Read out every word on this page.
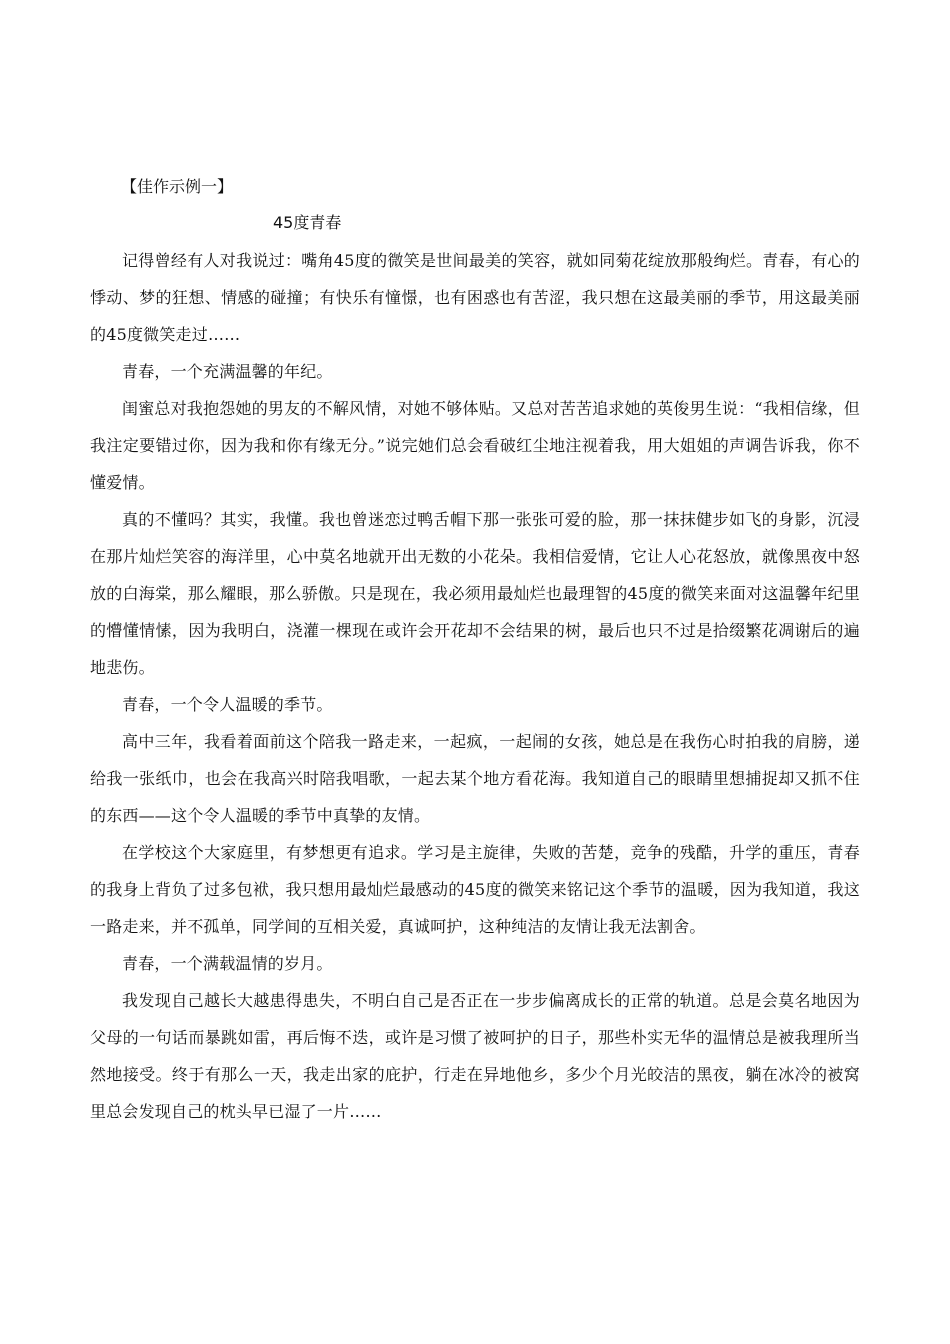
【佳作示例一】
45度青春

记得曾经有人对我说过：嘴角45度的微笑是世间最美的笑容，就如同菊花绽放那般绚烂。青春，有心的悸动、梦的狂想、情感的碰撞；有快乐有憧憬，也有困惑也有苦涩，我只想在这最美丽的季节，用这最美丽的45度微笑走过……

青春，一个充满温馨的年纪。

闺蜜总对我抱怨她的男友的不解风情，对她不够体贴。又总对苦苦追求她的英俊男生说：“我相信缘，但我注定要错过你，因为我和你有缘无分。”说完她们总会看破红尘地注视着我，用大姐姐的声调告诉我，你不懂爱情。

真的不懂吗？其实，我懂。我也曾迷恋过鸭舌帽下那一张张可爱的脸，那一抹抹健步如飞的身影，沉浸在那片灿烂笑容的海洋里，心中莫名地就开出无数的小花朵。我相信爱情，它让人心花怒放，就像黑夜中怒放的白海棠，那么耀眼，那么骄傲。只是现在，我必须用最灿烂也最理智的45度的微笑来面对这温馨年纪里的懵懂情愫，因为我明白，浇灌一棵现在或许会开花却不会结果的树，最后也只不过是拾缀繁花凋谢后的遍地悲伤。

青春，一个令人温暖的季节。

高中三年，我看着面前这个陪我一路走来，一起疯，一起闹的女孩，她总是在我伤心时拍我的肩膀，递给我一张纸巾，也会在我高兴时陪我唱歌，一起去某个地方看花海。我知道自己的眼睛里想捕捉却又抓不住的东西——这个令人温暖的季节中真挚的友情。

在学校这个大家庭里，有梦想更有追求。学习是主旋律，失败的苦楚，竞争的残酷，升学的重压，青春的我身上背负了过多包袱，我只想用最灿烂最感动的45度的微笑来铭记这个季节的温暖，因为我知道，我这一路走来，并不孤单，同学间的互相关爱，真诚呵护，这种纯洁的友情让我无法割舍。

青春，一个满载温情的岁月。

我发现自己越长大越患得患失，不明白自己是否正在一步步偏离成长的正常的轨道。总是会莫名地因为父母的一句话而暴跳如雷，再后悔不迭，或许是习惯了被呵护的日子，那些朴实无华的温情总是被我理所当然地接受。终于有那么一天，我走出家的庇护，行走在异地他乡，多少个月光皎洁的黑夜，躺在冰冷的被窝里总会发现自己的枕头早已湿了一片……
